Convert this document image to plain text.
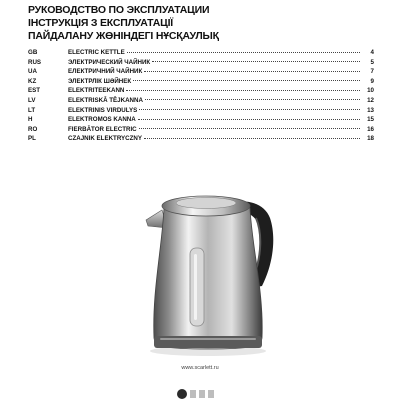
РУКОВОДСТВО ПО ЭКСПЛУАТАЦИИ
ІНСТРУКЦІЯ З ЕКСПЛУАТАЦІЇ
ПАЙДАЛАНУ ЖӨНІНДЕГІ НҰСҚАУЛЫҚ
GB	ELECTRIC KETTLE	4
RUS	ЭЛЕКТРИЧЕСКИЙ ЧАЙНИК	5
UA	ЕЛЕКТРИЧНИЙ ЧАЙНИК	7
KZ	ЭЛЕКТРЛІК ШӘЙНЕК	9
EST	ELEKTRITEEKANN	10
LV	ELEKTRISKĀ TĒJKANNA	12
LT	ELEKTRINIS VIRDULYS	13
H	ELEKTROMOS KANNA	15
RO	FIERBĂTOR ELECTRIC	16
PL	CZAJNIK ELEKTRYCZNY	18
www.scarlett.ru
